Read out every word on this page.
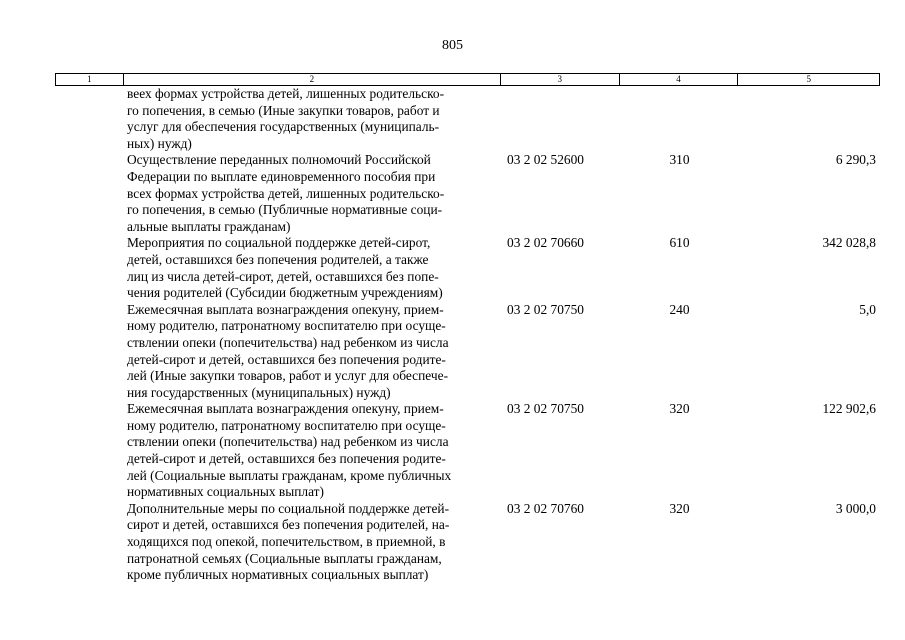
805
1	2	3	4	5
веех формах устройства детей, лишенных родительско-
го попечения, в семью (Иные закупки товаров, работ и
услуг для обеспечения государственных (муниципаль-
ных) нужд)
Осуществление переданных полномочий Российской
Федерации по выплате единовременного пособия при
всех формах устройства детей, лишенных родительско-
го попечения, в семью (Публичные нормативные соци-
альные выплаты гражданам)
03 2 02 52600	310	6 290,3
Мероприятия по социальной поддержке детей-сирот,
детей, оставшихся без попечения родителей, а также
лиц из числа детей-сирот, детей, оставшихся без попе-
чения родителей (Субсидии бюджетным учреждениям)
03 2 02 70660	610	342 028,8
Ежемесячная выплата вознаграждения опекуну, прием-
ному родителю, патронатному воспитателю при осуще-
ствлении опеки (попечительства) над ребенком из числа
детей-сирот и детей, оставшихся без попечения родите-
лей (Иные закупки товаров, работ и услуг для обеспече-
ния государственных (муниципальных) нужд)
03 2 02 70750	240	5,0
Ежемесячная выплата вознаграждения опекуну, прием-
ному родителю, патронатному воспитателю при осуще-
ствлении опеки (попечительства) над ребенком из числа
детей-сирот и детей, оставшихся без попечения родите-
лей (Социальные выплаты гражданам, кроме публичных
нормативных социальных выплат)
03 2 02 70750	320	122 902,6
Дополнительные меры по социальной поддержке детей-
сирот и детей, оставшихся без попечения родителей, на-
ходящихся под опекой, попечительством, в приемной, в
патронатной семьях (Социальные выплаты гражданам,
кроме публичных нормативных социальных выплат)
03 2 02 70760	320	3 000,0
